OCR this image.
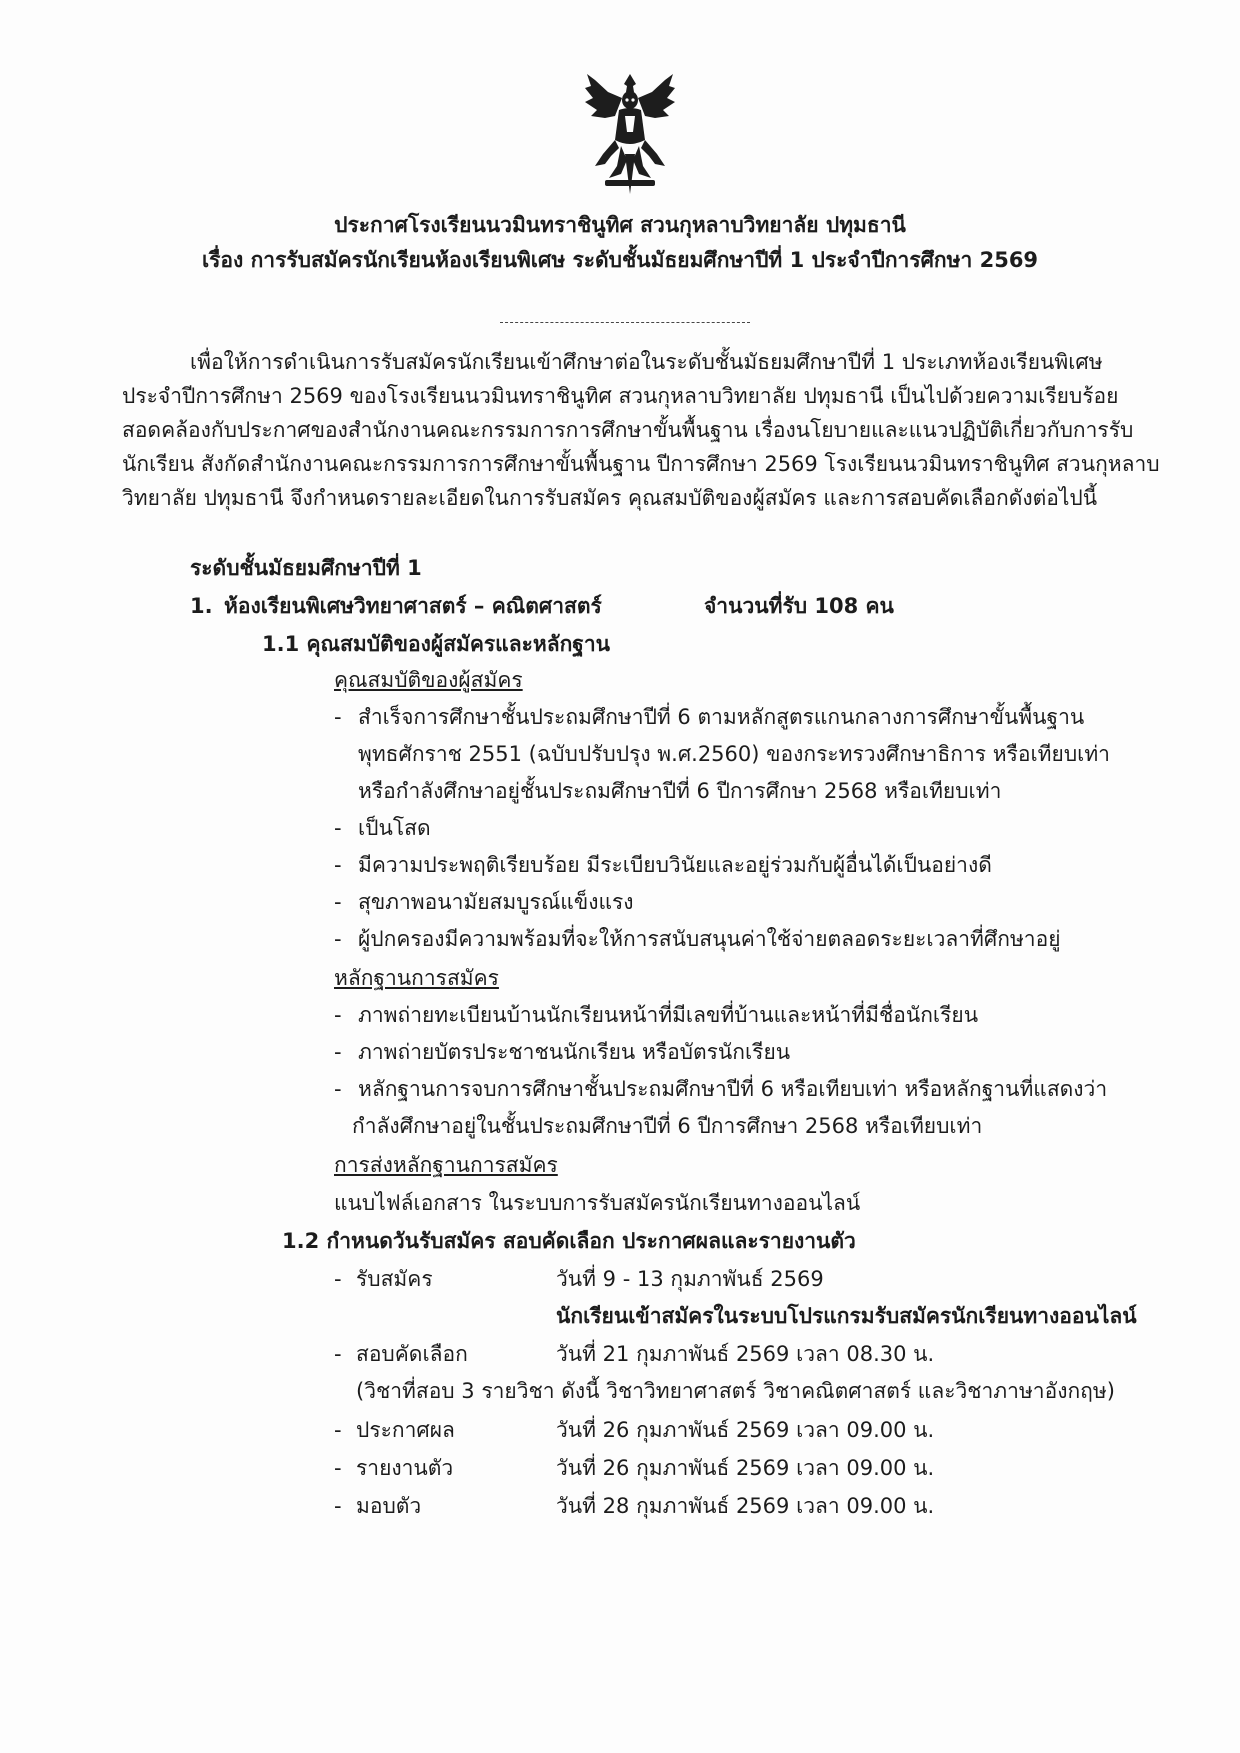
ประกาศโรงเรียนนวมินทราชินูทิศ สวนกุหลาบวิทยาลัย ปทุมธานี
เรื่อง การรับสมัครนักเรียนห้องเรียนพิเศษ ระดับชั้นมัธยมศึกษาปีที่ 1 ประจำปีการศึกษา 2569
เพื่อให้การดำเนินการรับสมัครนักเรียนเข้าศึกษาต่อในระดับชั้นมัธยมศึกษาปีที่ 1 ประเภทห้องเรียนพิเศษ
ประจำปีการศึกษา 2569 ของโรงเรียนนวมินทราชินูทิศ สวนกุหลาบวิทยาลัย ปทุมธานี เป็นไปด้วยความเรียบร้อย
สอดคล้องกับประกาศของสำนักงานคณะกรรมการการศึกษาขั้นพื้นฐาน เรื่องนโยบายและแนวปฏิบัติเกี่ยวกับการรับ
นักเรียน สังกัดสำนักงานคณะกรรมการการศึกษาขั้นพื้นฐาน ปีการศึกษา 2569 โรงเรียนนวมินทราชินูทิศ สวนกุหลาบ
วิทยาลัย ปทุมธานี จึงกำหนดรายละเอียดในการรับสมัคร คุณสมบัติของผู้สมัคร และการสอบคัดเลือกดังต่อไปนี้
ระดับชั้นมัธยมศึกษาปีที่ 1
1. ห้องเรียนพิเศษวิทยาศาสตร์ – คณิตศาสตร์	จำนวนที่รับ 108 คน
1.1 คุณสมบัติของผู้สมัครและหลักฐาน
คุณสมบัติของผู้สมัคร
- สำเร็จการศึกษาชั้นประถมศึกษาปีที่ 6 ตามหลักสูตรแกนกลางการศึกษาขั้นพื้นฐาน
พุทธศักราช 2551 (ฉบับปรับปรุง พ.ศ.2560) ของกระทรวงศึกษาธิการ หรือเทียบเท่า
หรือกำลังศึกษาอยู่ชั้นประถมศึกษาปีที่ 6 ปีการศึกษา 2568 หรือเทียบเท่า
- เป็นโสด
- มีความประพฤติเรียบร้อย มีระเบียบวินัยและอยู่ร่วมกับผู้อื่นได้เป็นอย่างดี
- สุขภาพอนามัยสมบูรณ์แข็งแรง
- ผู้ปกครองมีความพร้อมที่จะให้การสนับสนุนค่าใช้จ่ายตลอดระยะเวลาที่ศึกษาอยู่
หลักฐานการสมัคร
- ภาพถ่ายทะเบียนบ้านนักเรียนหน้าที่มีเลขที่บ้านและหน้าที่มีชื่อนักเรียน
- ภาพถ่ายบัตรประชาชนนักเรียน หรือบัตรนักเรียน
- หลักฐานการจบการศึกษาชั้นประถมศึกษาปีที่ 6 หรือเทียบเท่า หรือหลักฐานที่แสดงว่า
กำลังศึกษาอยู่ในชั้นประถมศึกษาปีที่ 6 ปีการศึกษา 2568 หรือเทียบเท่า
การส่งหลักฐานการสมัคร
แนบไฟล์เอกสาร ในระบบการรับสมัครนักเรียนทางออนไลน์
1.2 กำหนดวันรับสมัคร สอบคัดเลือก ประกาศผลและรายงานตัว
- รับสมัคร	วันที่ 9 - 13 กุมภาพันธ์ 2569
นักเรียนเข้าสมัครในระบบโปรแกรมรับสมัครนักเรียนทางออนไลน์
- สอบคัดเลือก	วันที่ 21 กุมภาพันธ์ 2569 เวลา 08.30 น.
(วิชาที่สอบ 3 รายวิชา ดังนี้ วิชาวิทยาศาสตร์ วิชาคณิตศาสตร์ และวิชาภาษาอังกฤษ)
- ประกาศผล	วันที่ 26 กุมภาพันธ์ 2569 เวลา 09.00 น.
- รายงานตัว	วันที่ 26 กุมภาพันธ์ 2569 เวลา 09.00 น.
- มอบตัว	วันที่ 28 กุมภาพันธ์ 2569 เวลา 09.00 น.
